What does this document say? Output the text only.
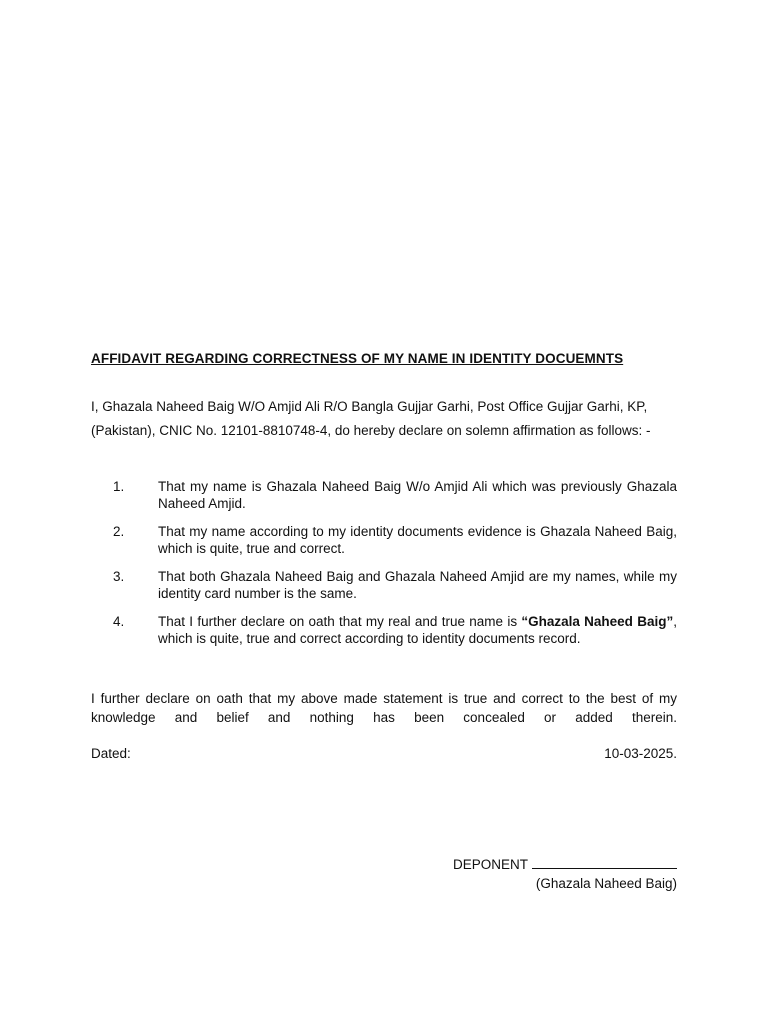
AFFIDAVIT REGARDING CORRECTNESS OF MY NAME IN IDENTITY DOCUEMNTS
I, Ghazala Naheed Baig W/O Amjid Ali R/O Bangla Gujjar Garhi, Post Office Gujjar Garhi, KP, (Pakistan), CNIC No. 12101-8810748-4, do hereby declare on solemn affirmation as follows: -
1.	That my name is Ghazala Naheed Baig W/o Amjid Ali which was previously Ghazala Naheed Amjid.
2.	That my name according to my identity documents evidence is Ghazala Naheed Baig, which is quite, true and correct.
3.	That both Ghazala Naheed Baig and Ghazala Naheed Amjid are my names, while my identity card number is the same.
4.	That I further declare on oath that my real and true name is “Ghazala Naheed Baig”, which is quite, true and correct according to identity documents record.
I further declare on oath that my above made statement is true and correct to the best of my knowledge and belief and nothing has been concealed or added therein.
Dated:	10-03-2025.
DEPONENT
(Ghazala Naheed Baig)
